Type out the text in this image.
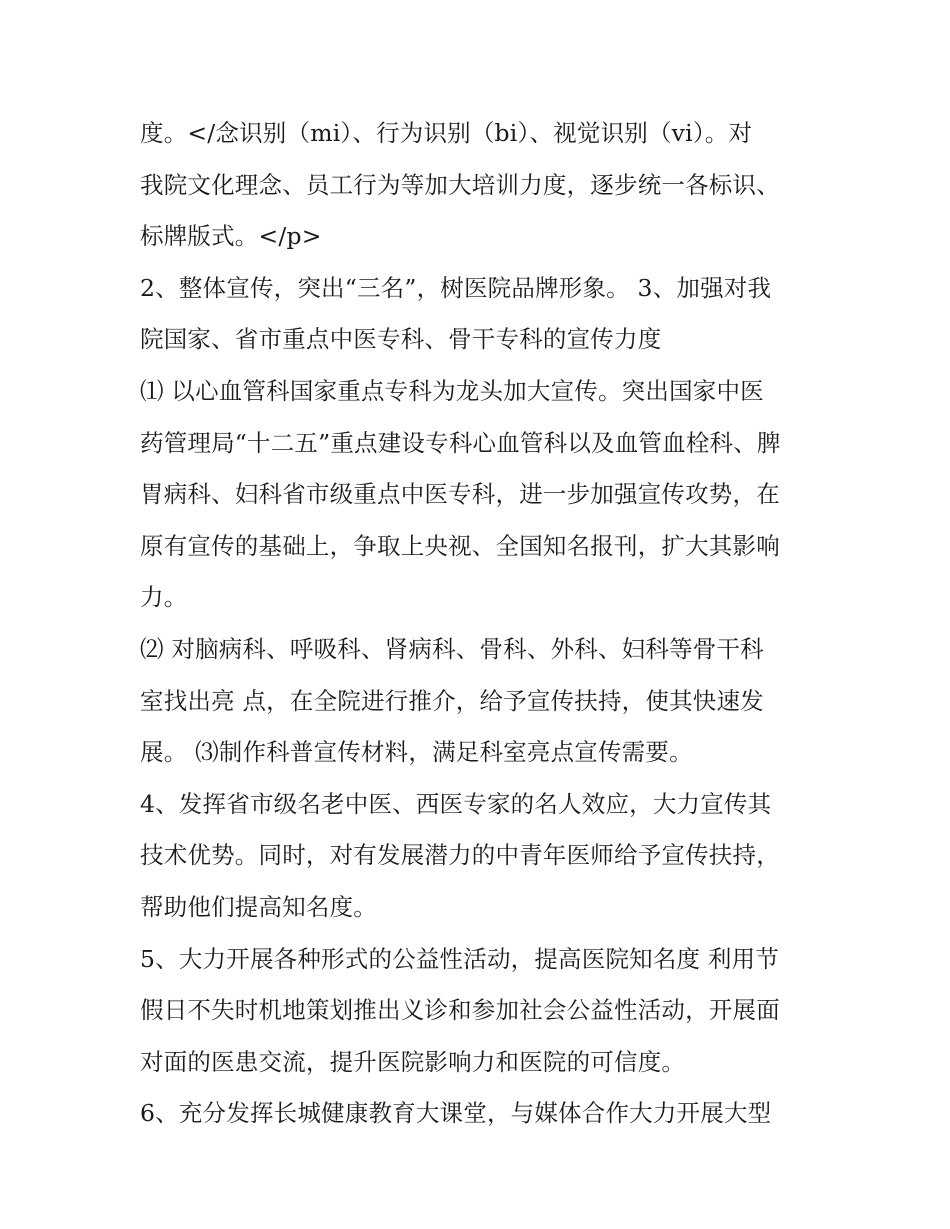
度。</念识别（mi）、行为识别（bi）、视觉识别（vi）。对
我院文化理念、员工行为等加大培训力度，逐步统一各标识、
标牌版式。</p>
2、整体宣传，突出“三名”，树医院品牌形象。 3、加强对我
院国家、省市重点中医专科、骨干专科的宣传力度
⑴ 以心血管科国家重点专科为龙头加大宣传。突出国家中医
药管理局“十二五”重点建设专科心血管科以及血管血栓科、脾
胃病科、妇科省市级重点中医专科，进一步加强宣传攻势，在
原有宣传的基础上，争取上央视、全国知名报刊，扩大其影响
力。
⑵ 对脑病科、呼吸科、肾病科、骨科、外科、妇科等骨干科
室找出亮 点，在全院进行推介，给予宣传扶持，使其快速发
展。 ⑶制作科普宣传材料，满足科室亮点宣传需要。
4、发挥省市级名老中医、西医专家的名人效应，大力宣传其
技术优势。同时，对有发展潜力的中青年医师给予宣传扶持，
帮助他们提高知名度。
5、大力开展各种形式的公益性活动，提高医院知名度 利用节
假日不失时机地策划推出义诊和参加社会公益性活动，开展面
对面的医患交流，提升医院影响力和医院的可信度。
6、充分发挥长城健康教育大课堂，与媒体合作大力开展大型
